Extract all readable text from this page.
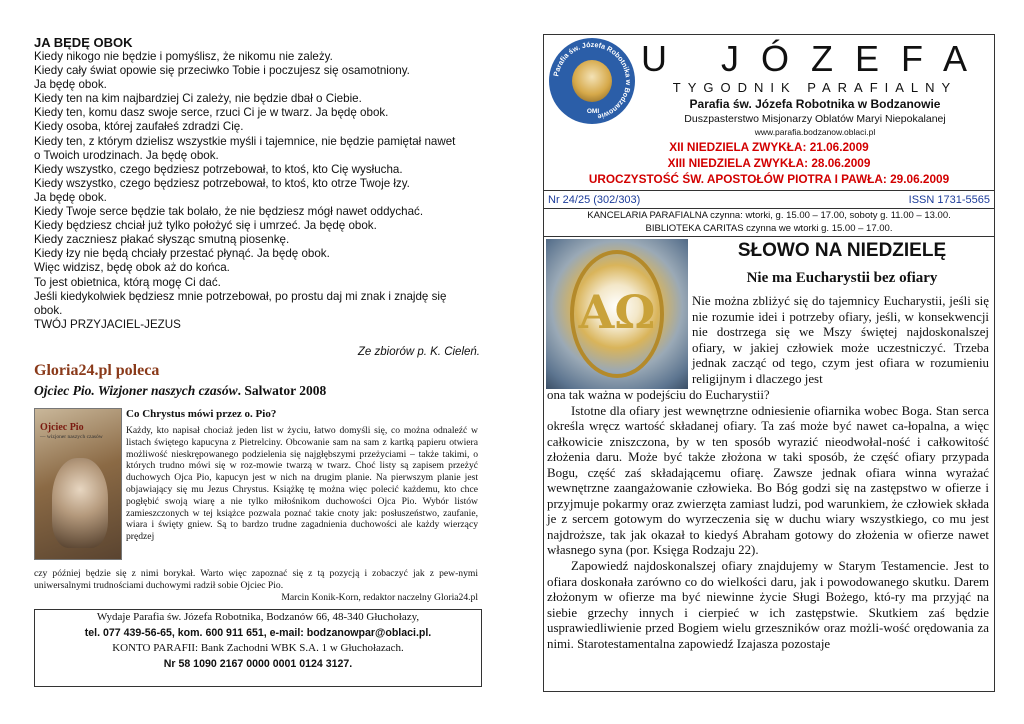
JA BĘDĘ OBOK
Kiedy nikogo nie będzie i pomyślisz, że nikomu nie zależy.
Kiedy cały świat opowie się przeciwko Tobie i poczujesz się osamotniony.
Ja będę obok.
Kiedy ten na kim najbardziej Ci zależy, nie będzie dbał o Ciebie.
Kiedy ten, komu dasz swoje serce, rzuci Ci je w twarz. Ja będę obok.
Kiedy osoba, której zaufałeś zdradzi Cię.
Kiedy ten, z którym dzielisz wszystkie myśli i tajemnice, nie będzie pamiętał nawet
o Twoich urodzinach. Ja będę obok.
Kiedy wszystko, czego będziesz potrzebował, to ktoś, kto Cię wysłucha.
Kiedy wszystko, czego będziesz potrzebował, to ktoś, kto otrze Twoje łzy.
Ja będę obok.
Kiedy Twoje serce będzie tak bolało, że nie będziesz mógł nawet oddychać.
Kiedy będziesz chciał już tylko położyć się i umrzeć. Ja będę obok.
Kiedy zaczniesz płakać słysząc smutną piosenkę.
Kiedy łzy nie będą chciały przestać płynąć. Ja będę obok.
Więc widzisz, będę obok aż do końca.
To jest obietnica, którą mogę Ci dać.
Jeśli kiedykolwiek będziesz mnie potrzebował, po prostu daj mi znak i znajdę się
obok.
TWÓJ PRZYJACIEL-JEZUS
Ze zbiorów p. K. Cieleń.
Gloria24.pl poleca
Ojciec Pio. Wizjoner naszych czasów. Salwator 2008
Ojciec Pio
— wizjoner naszych czasów
Co Chrystus mówi przez o. Pio?
Każdy, kto napisał chociaż jeden list w życiu, łatwo domyśli się, co można odnaleźć w listach świętego kapucyna z Pietrelciny. Obcowanie sam na sam z kartką papieru otwiera możliwość nieskrępowanego podzielenia się najgłębszymi przeżyciami – także takimi, o których trudno mówi się w roz-mowie twarzą w twarz. Choć listy są zapisem przeżyć duchowych Ojca Pio, kapucyn jest w nich na drugim planie. Na pierwszym planie jest objawiający się mu Jezus Chrystus. Książkę tę można więc polecić każdemu, kto chce pogłębić swoją wiarę a nie tylko miłośnikom duchowości Ojca Pio. Wybór listów zamieszczonych w tej książce pozwala poznać takie cnoty jak: posłuszeństwo, zaufanie, wiara i święty gniew. Są to bardzo trudne zagadnienia duchowości ale każdy wierzący prędzej
czy później będzie się z nimi borykał. Warto więc zapoznać się z tą pozycją i zobaczyć jak z pew-nymi uniwersalnymi trudnościami duchowymi radził sobie Ojciec Pio.
Marcin Konik-Korn, redaktor naczelny Gloria24.pl
Wydaje Parafia św. Józefa Robotnika, Bodzanów 66, 48-340 Głuchołazy,
tel. 077 439-56-65, kom. 600 911 651, e-mail: bodzanowpar@oblaci.pl.
KONTO PARAFII: Bank Zachodni WBK S.A. 1 w Głuchołazach.
Nr 58 1090 2167 0000 0001 0124 3127.
Parafia św. Józefa Robotnika w Bodzanowie
OMI
U JÓZEFA
TYGODNIK PARAFIALNY
Parafia św. Józefa Robotnika w Bodzanowie
Duszpasterstwo Misjonarzy Oblatów Maryi Niepokalanej
www.parafia.bodzanow.oblaci.pl
XII NIEDZIELA ZWYKŁA: 21.06.2009
XIII NIEDZIELA ZWYKŁA: 28.06.2009
UROCZYSTOŚĆ ŚW. APOSTOŁÓW PIOTRA I PAWŁA: 29.06.2009
Nr 24/25 (302/303)	ISSN 1731-5565
KANCELARIA PARAFIALNA czynna: wtorki, g. 15.00 – 17.00, soboty g. 11.00 – 13.00.
BIBLIOTEKA CARITAS czynna we wtorki g. 15.00 – 17.00.
AΩ
SŁOWO NA NIEDZIELĘ
Nie ma Eucharystii bez ofiary
Nie można zbliżyć się do tajemnicy Eucharystii, jeśli się nie rozumie idei i potrzeby ofiary, jeśli, w konsekwencji nie dostrzega się we Mszy świętej najdoskonalszej ofiary, w jakiej człowiek może uczestniczyć. Trzeba jednak zacząć od tego, czym jest ofiara w rozumieniu religijnym i dlaczego jest

ona tak ważna w podejściu do Eucharystii?

Istotne dla ofiary jest wewnętrzne odniesienie ofiarnika wobec Boga. Stan serca określa wręcz wartość składanej ofiary. Ta zaś może być nawet ca-łopalna, a więc całkowicie zniszczona, by w ten sposób wyrazić nieodwołal-ność i całkowitość złożenia daru. Może być także złożona w taki sposób, że część ofiary przypada Bogu, część zaś składającemu ofiarę. Zawsze jednak ofiara winna wyrażać wewnętrzne zaangażowanie człowieka. Bo Bóg godzi się na zastępstwo w ofierze i przyjmuje pokarmy oraz zwierzęta zamiast ludzi, pod warunkiem, że człowiek składa je z sercem gotowym do wyrzeczenia się w duchu wiary wszystkiego, co mu jest najdroższe, tak jak okazał to kiedyś Abraham gotowy do złożenia w ofierze nawet własnego syna (por. Księga Rodzaju 22).

Zapowiedź najdoskonalszej ofiary znajdujemy w Starym Testamencie. Jest to ofiara doskonała zarówno co do wielkości daru, jak i powodowanego skutku. Darem złożonym w ofierze ma być niewinne życie Sługi Bożego, któ-ry ma przyjąć na siebie grzechy innych i cierpieć w ich zastępstwie. Skutkiem zaś będzie usprawiedliwienie przed Bogiem wielu grzeszników oraz możli-wość orędowania za nimi. Starotestamentalna zapowiedź Izajasza pozostaje
